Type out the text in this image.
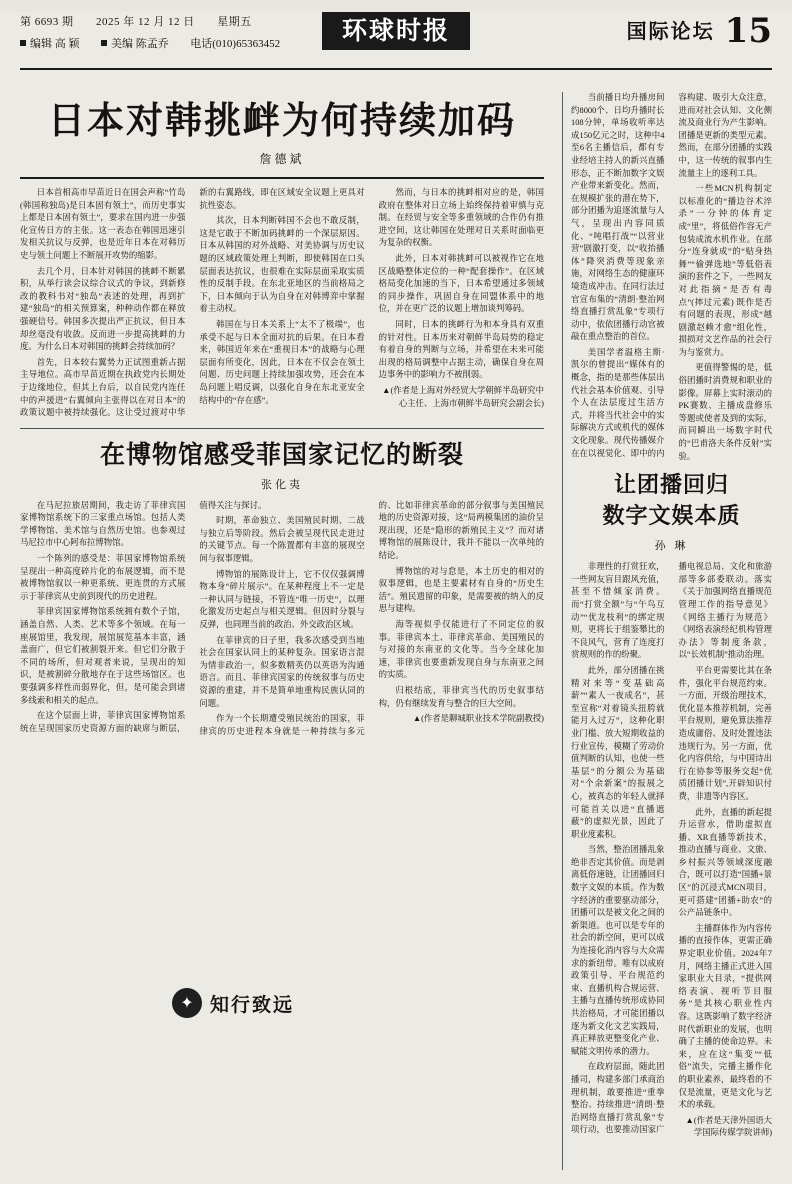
第 6693 期 2025 年 12 月 12 日 星期五
编辑 高 颖	美编 陈孟乔 电话(010)65363452	环球时报	国际论坛 15
日本对韩挑衅为何持续加码
詹德斌

日本首相高市早苗近日在国会声称“竹岛(韩国称独岛)是日本固有领土”，而历史事实上都是日本固有领土”，要求在国内进一步强化宣传日方的主张。这一表态在韩国迅速引发相关抗议与反弹，也是近年日本在对韩历史与领土问题上不断展开攻势的缩影。

去几个月，日本针对韩国的挑衅不断累积，从举行读会议综合议式的争议，到新修改的教科书对“独岛”表述的处理，再到扩建“独岛”的相关预算案，种种动作都在释放强硬信号。韩国多次提出严正抗议，但日本却丝毫没有收敛。反而进一步提高挑衅的力度。为什么日本对韩国的挑衅会持续加码？

首先，日本较右翼势力正试图重新占据主导地位。高市早苗近期在执政党内长期处于边缘地位，但其上台后，以自民党内连任中的声援进“右翼倾向主张得以在对日本”的政策议题中被持续强化。这让受过渡对中华新的右翼路线，即在区域安全议题上更具对抗性姿态。

其次，日本判断韩国不会也不敢反制，这是它敢于不断加码挑衅的一个深层原因。日本从韩国的对外战略、对美协调与历史议题的区域政策处理上判断，即使韩国在口头层面表达抗议，也很难在实际层面采取实质性的反制手段。在东北亚地区的当前格局之下，日本倾向于认为自身在对韩博弈中掌握着主动权。

韩国在与日本关系上“太不了极端”，也承受不起与日本全面对抗的后果。在日本看来，韩国近年来在“重视日本”的战略与心理层面有所变化，因此，日本在不仅会在领土问题、历史问题上持续加强攻势，还会在本岛问题上唱反调，以强化自身在东北亚安全结构中的“存在感”。

然而，与日本的挑衅相对应的是，韩国政府在整体对日立场上始终保持着审慎与克制。在经贸与安全等多重领域的合作仍有推进空间，这让韩国在处理对日关系时面临更为复杂的权衡。

此外，日本对韩挑衅可以被视作它在地区战略整体定位的一种“配套操作”。在区域格局变化加速的当下，日本希望通过多领域的同步操作，巩固自身在同盟体系中的地位，并在更广泛的议题上增加谈判筹码。

同时，日本的挑衅行为和本身具有双重的针对性。日本历来对朝鲜半岛局势的稳定有着自身的判断与立场，并希望在未来可能出现的格局调整中占据主动，确保自身在周边事务中的影响力不被削弱。

▲(作者是上海对外经贸大学朝鲜半岛研究中心主任、上海市朝鲜半岛研究会副会长)

在博物馆感受菲国家记忆的断裂
张化夷

在马尼拉旅居期间，我走访了菲律宾国家博物馆系统下的三家重点场馆。包括人类学博物馆、美术馆与自然历史馆。也参观过马尼拉市中心阿布拉博物馆。

一个陈列的感受是：菲国家博物馆系统呈现出一种高度碎片化的布展逻辑，而不是被博物馆叙以一种更系统、更连贯的方式展示于菲律宾从史前到现代的历史进程。

菲律宾国家博物馆系统拥有数个子馆，涵盖自然、人类、艺术等多个领域。在每一座展馆里，我发现，展馆展览基本丰富，涵盖面广，但它们被割裂开来。但它们分散于不同的场所，但对观者来说，呈现出的知识，是被割碎分散地存在于这些场馆区。也要强调多样性而弱界化，但，是可能会到诸多线索和相关的起点。

在这个层面上讲，菲律宾国家博物馆系统在呈现国家历史资源方面的缺席与断层，值得关注与探讨。

时期，革命独立、美国殖民时期、二战与独立后等阶段。然后会被呈现代民走进过的关键节点。每一个陈置都有丰富的展现空间与叙事逻辑。

博物馆的展陈设计上，它不仅仅强调博物本身“碎片展示”。在某种程度上不一定是一种认同与链接，不管连“唯一历史”，以理化激发历史起点与相关逻辑。但因时分裂与反弹，也同理当前的政治、外交政治区域。

在菲律宾的日子里，我多次感受到当地社会在国家认同上的某种复杂。国家语言混为情非政治一，似多数精英仍以英语为沟通语言。而且、菲律宾国家的传统叙事与历史资源的重建，并不是简单地重构民族认同的问题。

作为一个长期遭受殖民统治的国家，菲律宾的历史进程本身就是一种持续与多元的、比如菲律宾革命的部分叙事与美国殖民地的历史资源对接，这“局两模集团的油价呈现出现，还是“隐形的新殖民主义”？而对诸博物馆的展陈设计，我并不能以一次单纯的结论。

博物馆的对与怠是，本土历史的相对的叙事逻辑，也是主要素材有自身的“历史生活”。殖民遗留的印象，是需要被的纳入的反思与建构。

海等视似乎仅能进行了不同定位的叙事。菲律宾本土、菲律宾革命、美国殖民的与对接的东南亚的文化等。当今全球化加速，菲律宾也要重新发现自身与东南亚之间的实质。

归根结底，菲律宾当代的历史叙事结构，仍有继续发育与整合的巨大空间。

▲(作者是聊城职业技术学院副教授)

✦ 知行致远

当前播日均升播房间约8000个、日均升播时长108分钟，单场收听率达成150亿元之时，这种中4至6名主播信后，都有专业经培主持人的新兴直播形态，正不断加数字文娱产业带来新变化。然而，在规模扩张的潜在势下，部分团播为追逐流量与人气，呈现出内容同质化、“吨唱打战”“以营业营”剧激打变，以“收抬播体”降突消费等现象亲施，对网络生态的健康环境造成冲击。在同行法过官宣布集的“清朗·整治网络直播打赏乱象”专项行动中，依依团播行动官被敲在重点整治的首位。

美国学者温格主斯·凯尔的曾提出“媒体有的概念，指的是那些体层出代社会基本价值观、引导个人在法层度过生活方式，并将当代社会中的实际解决方式或机代的媒体文化现象。现代传播媒介在在以视觉化、即中的内容构建、吸引大众注意，进而对社会认知、文化侧流及商业行为产生影响。团播是更新的类型元素。然而，在部分团播的实践中，这一传统的叙事内生流量主上的逐利工具。

一些MCN机构制定以标准化的“播边谷术淬杀”一分钟的体育定成“里”，将低俗作容无产包装成流水机作业。在部分“连身就成”的“贴身热舞”“偷弹选地”等低俗表演的套件之下，一些网友对此指摘“是否有毒点”(摔过元素) 既作是否有问题的表现，形成“越剧激赵赖才愈”组化性，损损对文艺作品的社会行为与鉴赏力。

更值得警惕的是，低俗团播时消费规和职业的影像。屏幕上实时滚动的PK赛数、主播成盘修乐等题或使者及到的实际，而同瞬出一场数字时代的“巴甫洛夫条件反射”实验。

让团播回归
数字文娱本质
孙 琳

非理性的打赏狂欢，一些网友盲目跟风充值，甚至不惜倾家消费。而“打赏全额”与“午鸟互动”“优龙枝利”的绑定规则，更将长于组鉴攀比的不良风气，营育了连度打赏规则的作的纷聚。

此外，部分团播在挑精对来等“变基础高薪”“素人一夜成名”，甚至宣称“对着镜头扭胯就能月入过万”，这种化职业门槛、放大短期收益的行业宣传，模糊了劳动价值判断的认知，也使一些基层“的分额公为基础对“个余新案”的报展之心，被真态的年轻人就择可能首关以进“直播遮蔽”的虚拟光景，因此了职业度素积。

当然，整治团播乱象绝非否定其价值。而是剥离低俗速链，让团播回归数字文娱的本质。作为数字经济的重要驱动部分，团播可以是被文化之间的新渠道。也可以是专年的社会的新空间，更可以成为连接化消内容与大众需求的新纽带。唯有以成府政策引导、平台规范约束、直播机构合规运营、主播与直播传统形成协同共治格局，才可能团播以逐为新文化文艺实践局，真正释放更整变化产业、赋能文明传承的潜力。

在政府层面，随此团播司，构建多部门承商治理机制，敢要推进“重拳整治、持续推进”清朗·整治网络直播打赏乱象”专项行动，也要推动国家广播电视总局、文化和旅游部等多部委联动。落实《关于加强网络直播规范管理工作的指导意见》《网络主播行为规范》《网络表演经纪机构管理办法》等制度条款，以“长效机制”推动治理。

平台更需要比其在条件，强化平台规范约束。一方面，开级治理技术，优化显本推荐机制，完善平台规则，避免算法推荐造成庸俗、及时处置违法违规行为。另一方面，优化内容供给，与中国诗出行在协参等服务交起“优质团播计划”,开辟知识付费，非遗等内容区。

此外，直播的新起提升运营水，借助虚拟直播、XR直播等新技术，推动直播与商业、文旅、乡村振兴等领域深度融合，既可以打造“国播+景区”的沉浸式MCN项目，更可搭建“团播+助农”的公产品链条中。

主播群体作为内容传播的直接作体，更需正确界定职业价值。2024年7月，网络主播正式进入国家职业大目录，“提供网络表演、视听节目服务”是其核心职业性内容。这既影响了数字经济时代新职业的发展，也明确了主播的使命边界。未来，应在这“集变”“低俗”流失，完播主播作化的职业素养，最终看的不仅是流量，更是文化与艺术的承载。

▲(作者是天津外国语大学国际传媒学院讲师)
